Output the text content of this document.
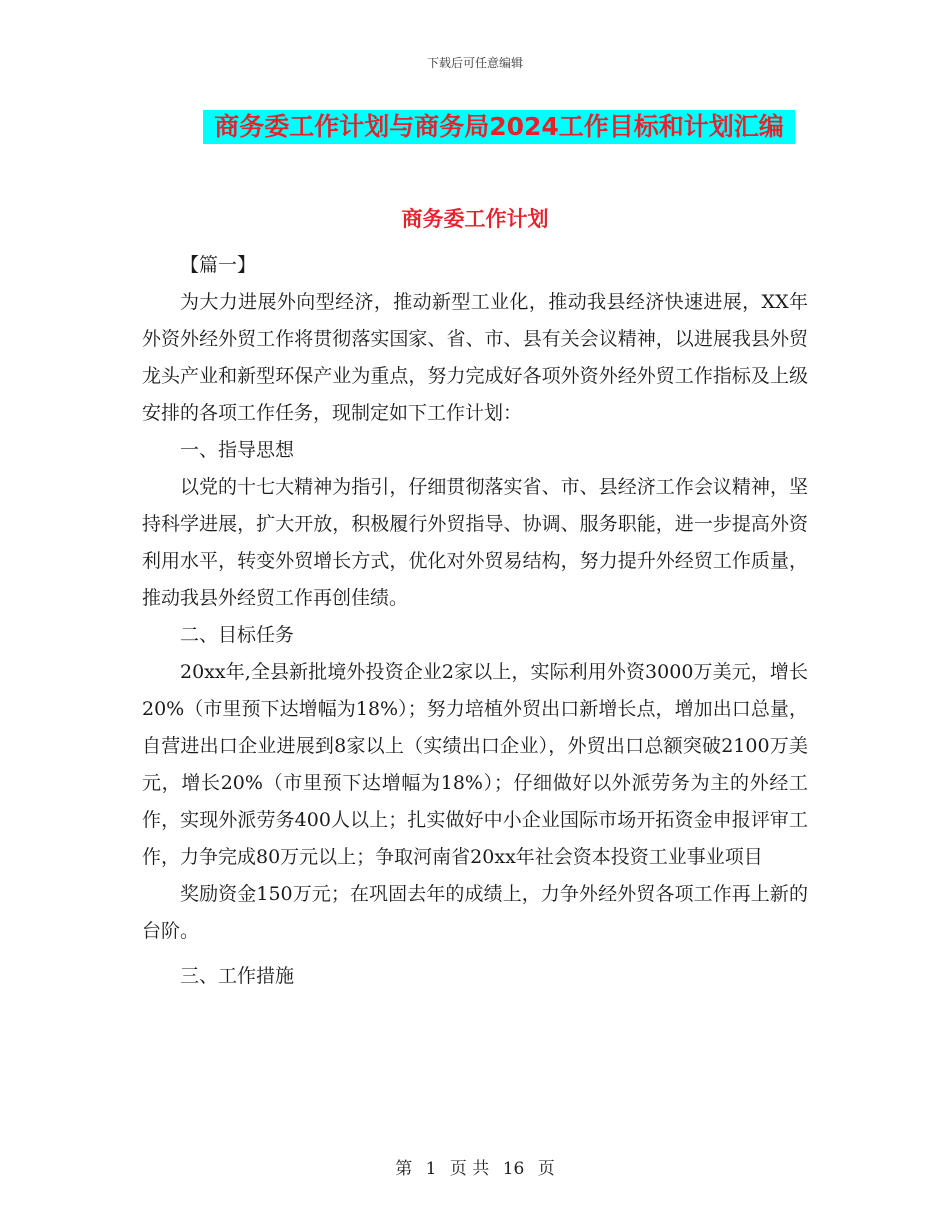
下载后可任意编辑
商务委工作计划与商务局2024工作目标和计划汇编
商务委工作计划

【篇一】

为大力进展外向型经济，推动新型工业化，推动我县经济快速进展，XX年外资外经外贸工作将贯彻落实国家、省、市、县有关会议精神，以进展我县外贸龙头产业和新型环保产业为重点，努力完成好各项外资外经外贸工作指标及上级安排的各项工作任务，现制定如下工作计划：

一、指导思想

以党的十七大精神为指引，仔细贯彻落实省、市、县经济工作会议精神，坚持科学进展，扩大开放，积极履行外贸指导、协调、服务职能，进一步提高外资利用水平，转变外贸增长方式，优化对外贸易结构，努力提升外经贸工作质量，推动我县外经贸工作再创佳绩。

二、目标任务

20xx年,全县新批境外投资企业2家以上，实际利用外资3000万美元，增长20%（市里预下达增幅为18%）；努力培植外贸出口新增长点，增加出口总量，自营进出口企业进展到8家以上（实绩出口企业），外贸出口总额突破2100万美元，增长20%（市里预下达增幅为18%）；仔细做好以外派劳务为主的外经工作，实现外派劳务400人以上；扎实做好中小企业国际市场开拓资金申报评审工作，力争完成80万元以上；争取河南省20xx年社会资本投资工业事业项目

奖励资金150万元；在巩固去年的成绩上，力争外经外贸各项工作再上新的台阶。

三、工作措施

第 1 页 共 16 页
